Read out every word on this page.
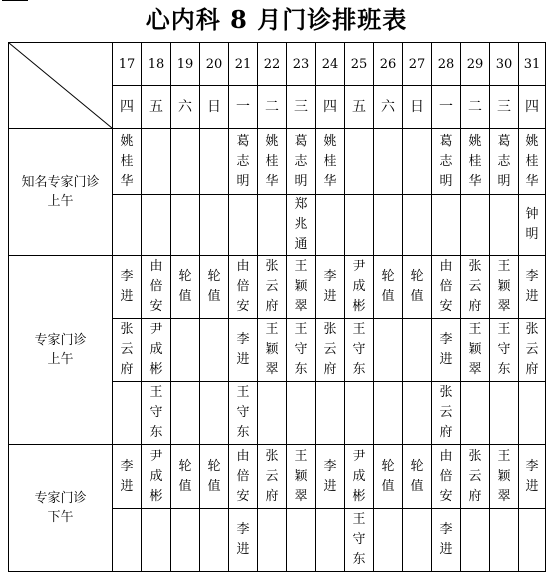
心内科 8 月门诊排班表
	17	18	19	20	21	22	23	24	25	26	27	28	29	30	31
	四	五	六	日	一	二	三	四	五	六	日	一	二	三	四

知名专家门诊
上午	姚
桂
华				葛
志
明	姚
桂
华	葛
志
明	姚
桂
华				葛
志
明	姚
桂
华	葛
志
明	姚
桂
华

							郑
兆
通								钟
明

专家门诊
上午	李
进	由
倍
安	轮
值	轮
值	由
倍
安	张
云
府	王
颖
翠	李
进	尹
成
彬	轮
值	轮
值	由
倍
安	张
云
府	王
颖
翠	李
进

	张
云
府	尹
成
彬			李
进	王
颖
翠	王
守
东	张
云
府	王
守
东			李
进	王
颖
翠	王
守
东	张
云
府

		王
守
东			王
守
东							张
云
府			

专家门诊
下午	李
进	尹
成
彬	轮
值	轮
值	由
倍
安	张
云
府	王
颖
翠	李
进	尹
成
彬	轮
值	轮
值	由
倍
安	张
云
府	王
颖
翠	李
进

					李
进				王
守
东			李
进			
